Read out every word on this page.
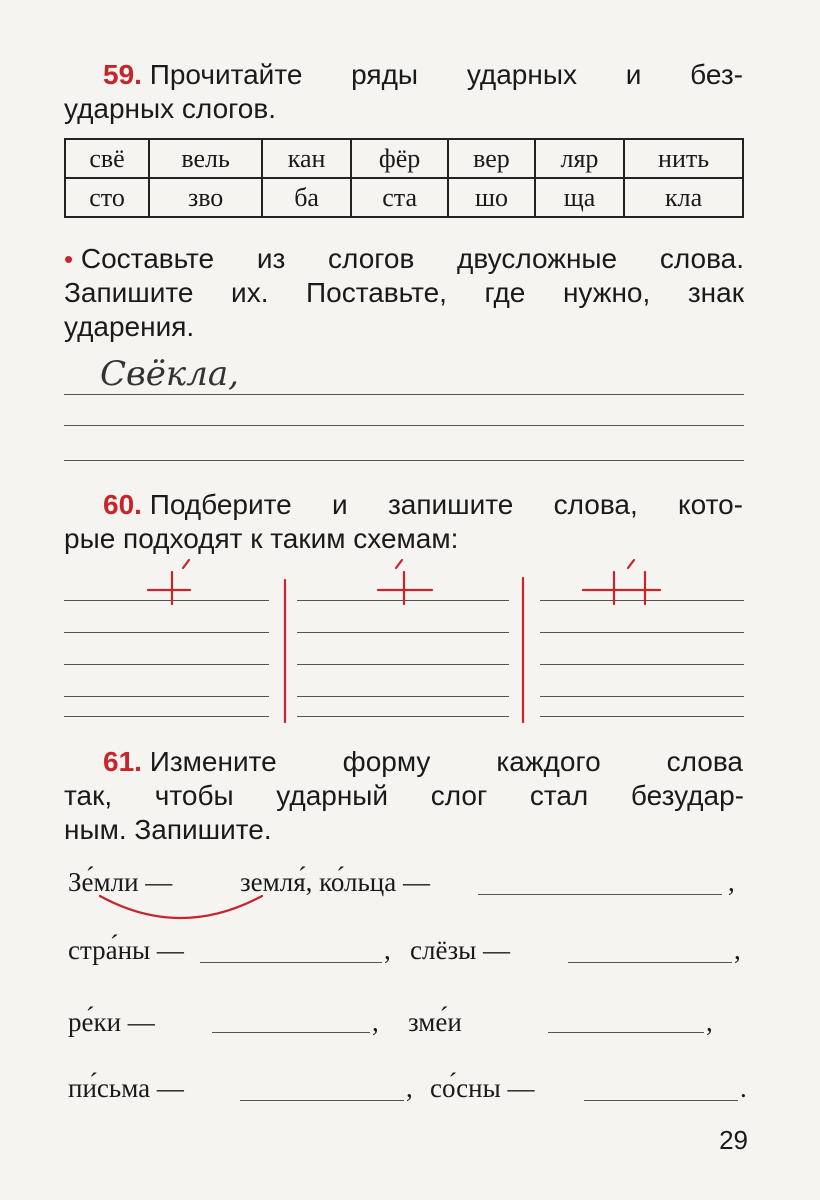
59. Прочитайте ряды ударных и без-
ударных слогов.
свё	вель	кан	фёр	вер	ляр	нить
сто	зво	ба	ста	шо	ща	кла
• Составьте из слогов двусложные слова.
Запишите их. Поставьте, где нужно, знак
ударения.
Свёкла,
60. Подберите и запишите слова, кото-
рые подходят к таким схемам:
61. Измените форму каждого слова
так, чтобы ударный слог стал безудар-
ным. Запишите.
Зе́мли —	земля́, ко́льца —	,
стра́ны —	, слёзы —	,
ре́ки —	, зме́и	,
пи́сьма —	, со́сны —	.
29
